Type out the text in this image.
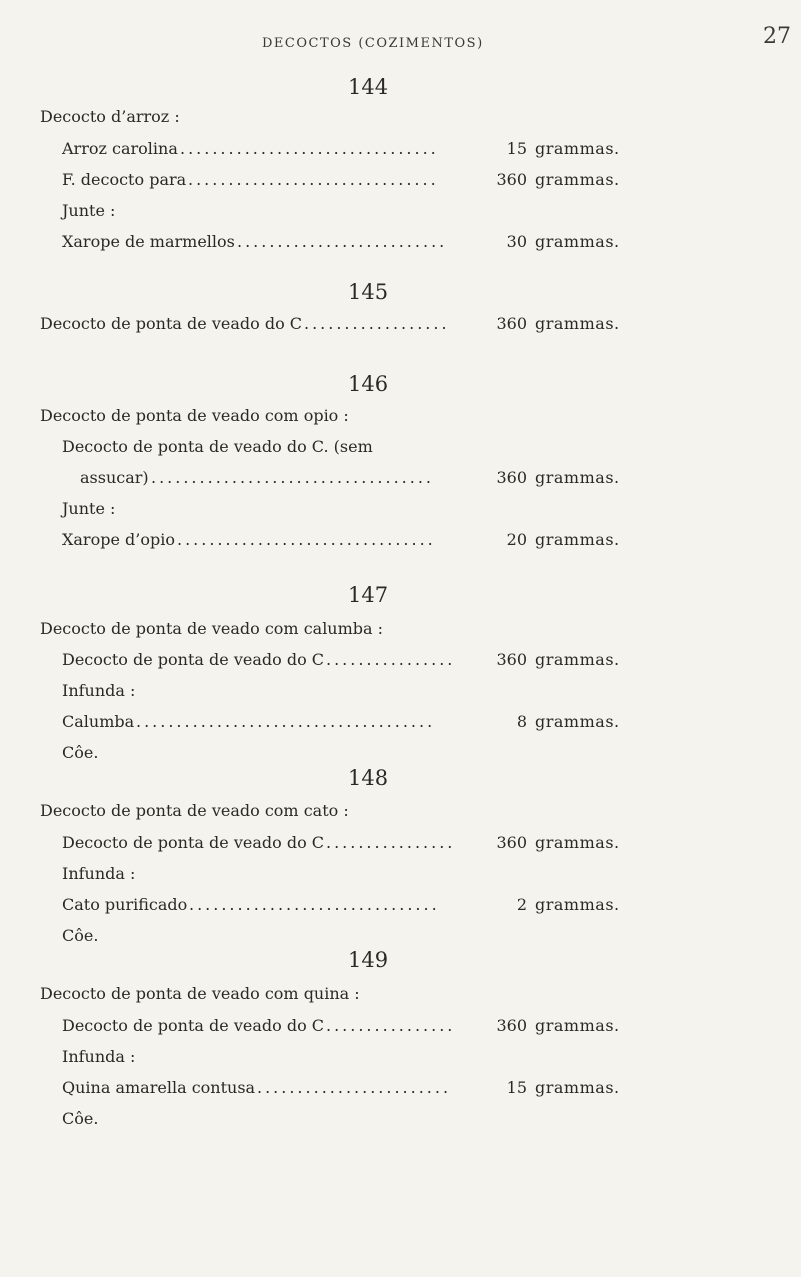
DECOCTOS (COZIMENTOS)	27
144
Decocto d’arroz :
Arroz carolina	15 grammas.
................................
F. decocto para	360 grammas.
...............................
Junte :
Xarope de marmellos	30 grammas.
..........................
145
Decocto de ponta de veado do C	360 grammas.
..................
146
Decocto de ponta de veado com opio :
Decocto de ponta de veado do C. (sem
assucar)	360 grammas.
...................................
Junte :
Xarope d’opio	20 grammas.
................................
147
Decocto de ponta de veado com calumba :
Decocto de ponta de veado do C	360 grammas.
................
Infunda :
Calumba	8 grammas.
.....................................
Côe.
148
Decocto de ponta de veado com cato :
Decocto de ponta de veado do C	360 grammas.
................
Infunda :
Cato purificado	2 grammas.
...............................
Côe.
149
Decocto de ponta de veado com quina :
Decocto de ponta de veado do C	360 grammas.
................
Infunda :
Quina amarella contusa	15 grammas.
........................
Côe.
